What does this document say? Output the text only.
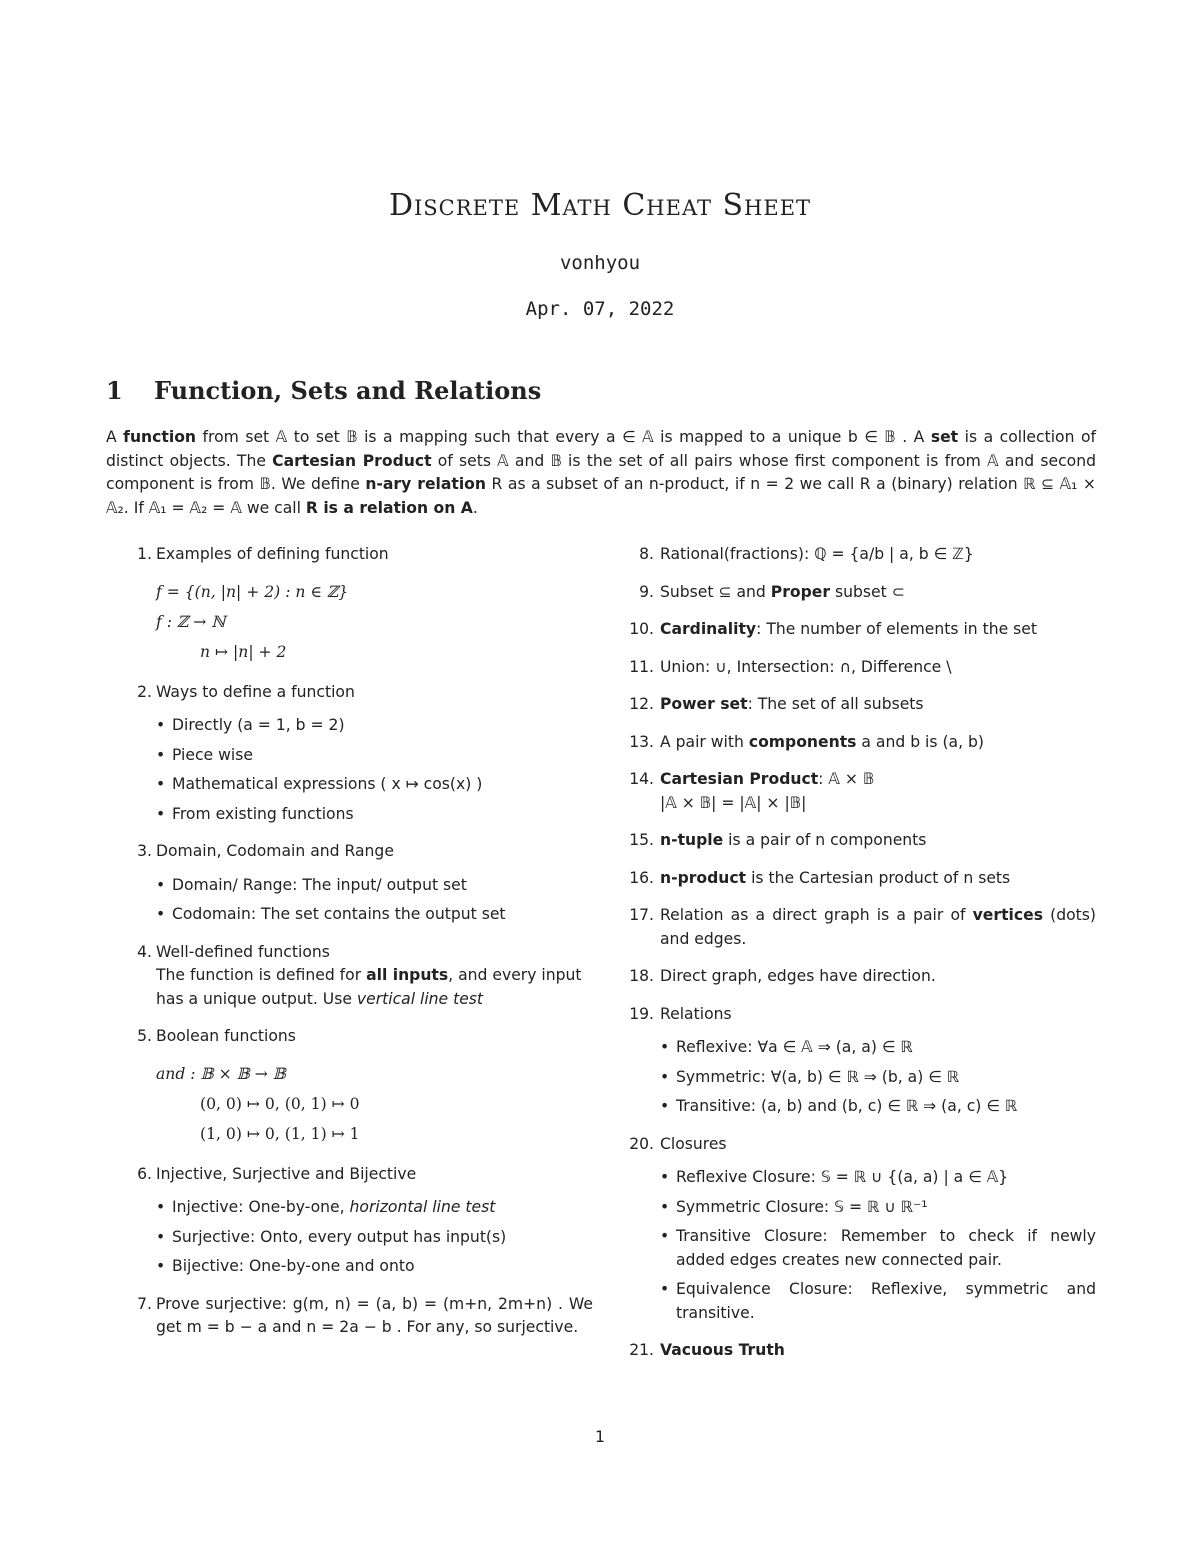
Discrete Math Cheat Sheet
vonhyou
Apr. 07, 2022
1 Function, Sets and Relations
A function from set 𝔸 to set 𝔹 is a mapping such that every a ∈ 𝔸 is mapped to a unique b ∈ 𝔹 . A set is a collection of distinct objects. The Cartesian Product of sets 𝔸 and 𝔹 is the set of all pairs whose first component is from 𝔸 and second component is from 𝔹. We define n-ary relation R as a subset of an n-product, if n = 2 we call R a (binary) relation ℝ ⊆ 𝔸₁ × 𝔸₂. If 𝔸₁ = 𝔸₂ = 𝔸 we call R is a relation on A.
1. Examples of defining function
f = {(n, |n| + 2) : n ∈ ℤ}
f : ℤ → ℕ
n ↦ |n| + 2
2. Ways to define a function
• Directly (a = 1, b = 2)
• Piece wise
• Mathematical expressions ( x ↦ cos(x) )
• From existing functions
3. Domain, Codomain and Range
• Domain/ Range: The input/ output set
• Codomain: The set contains the output set
4. Well-defined functions
The function is defined for all inputs, and every input has a unique output. Use vertical line test
5. Boolean functions
and : 𝔹 × 𝔹 → 𝔹
(0, 0) ↦ 0, (0, 1) ↦ 0
(1, 0) ↦ 0, (1, 1) ↦ 1
6. Injective, Surjective and Bijective
• Injective: One-by-one, horizontal line test
• Surjective: Onto, every output has input(s)
• Bijective: One-by-one and onto
7. Prove surjective: g(m, n) = (a, b) = (m+n, 2m+n) . We get m = b − a and n = 2a − b . For any, so surjective.
8. Rational(fractions): ℚ = {a/b | a, b ∈ ℤ}
9. Subset ⊆ and Proper subset ⊂
10. Cardinality: The number of elements in the set
11. Union: ∪, Intersection: ∩, Difference \
12. Power set: The set of all subsets
13. A pair with components a and b is (a, b)
14. Cartesian Product: 𝔸 × 𝔹
|𝔸 × 𝔹| = |𝔸| × |𝔹|
15. n-tuple is a pair of n components
16. n-product is the Cartesian product of n sets
17. Relation as a direct graph is a pair of vertices (dots) and edges.
18. Direct graph, edges have direction.
19. Relations
• Reflexive: ∀a ∈ 𝔸 ⇒ (a, a) ∈ ℝ
• Symmetric: ∀(a, b) ∈ ℝ ⇒ (b, a) ∈ ℝ
• Transitive: (a, b) and (b, c) ∈ ℝ ⇒ (a, c) ∈ ℝ
20. Closures
• Reflexive Closure: 𝕊 = ℝ ∪ {(a, a) | a ∈ 𝔸}
• Symmetric Closure: 𝕊 = ℝ ∪ ℝ⁻¹
• Transitive Closure: Remember to check if newly added edges creates new connected pair.
• Equivalence Closure: Reflexive, symmetric and transitive.
21. Vacuous Truth
1
